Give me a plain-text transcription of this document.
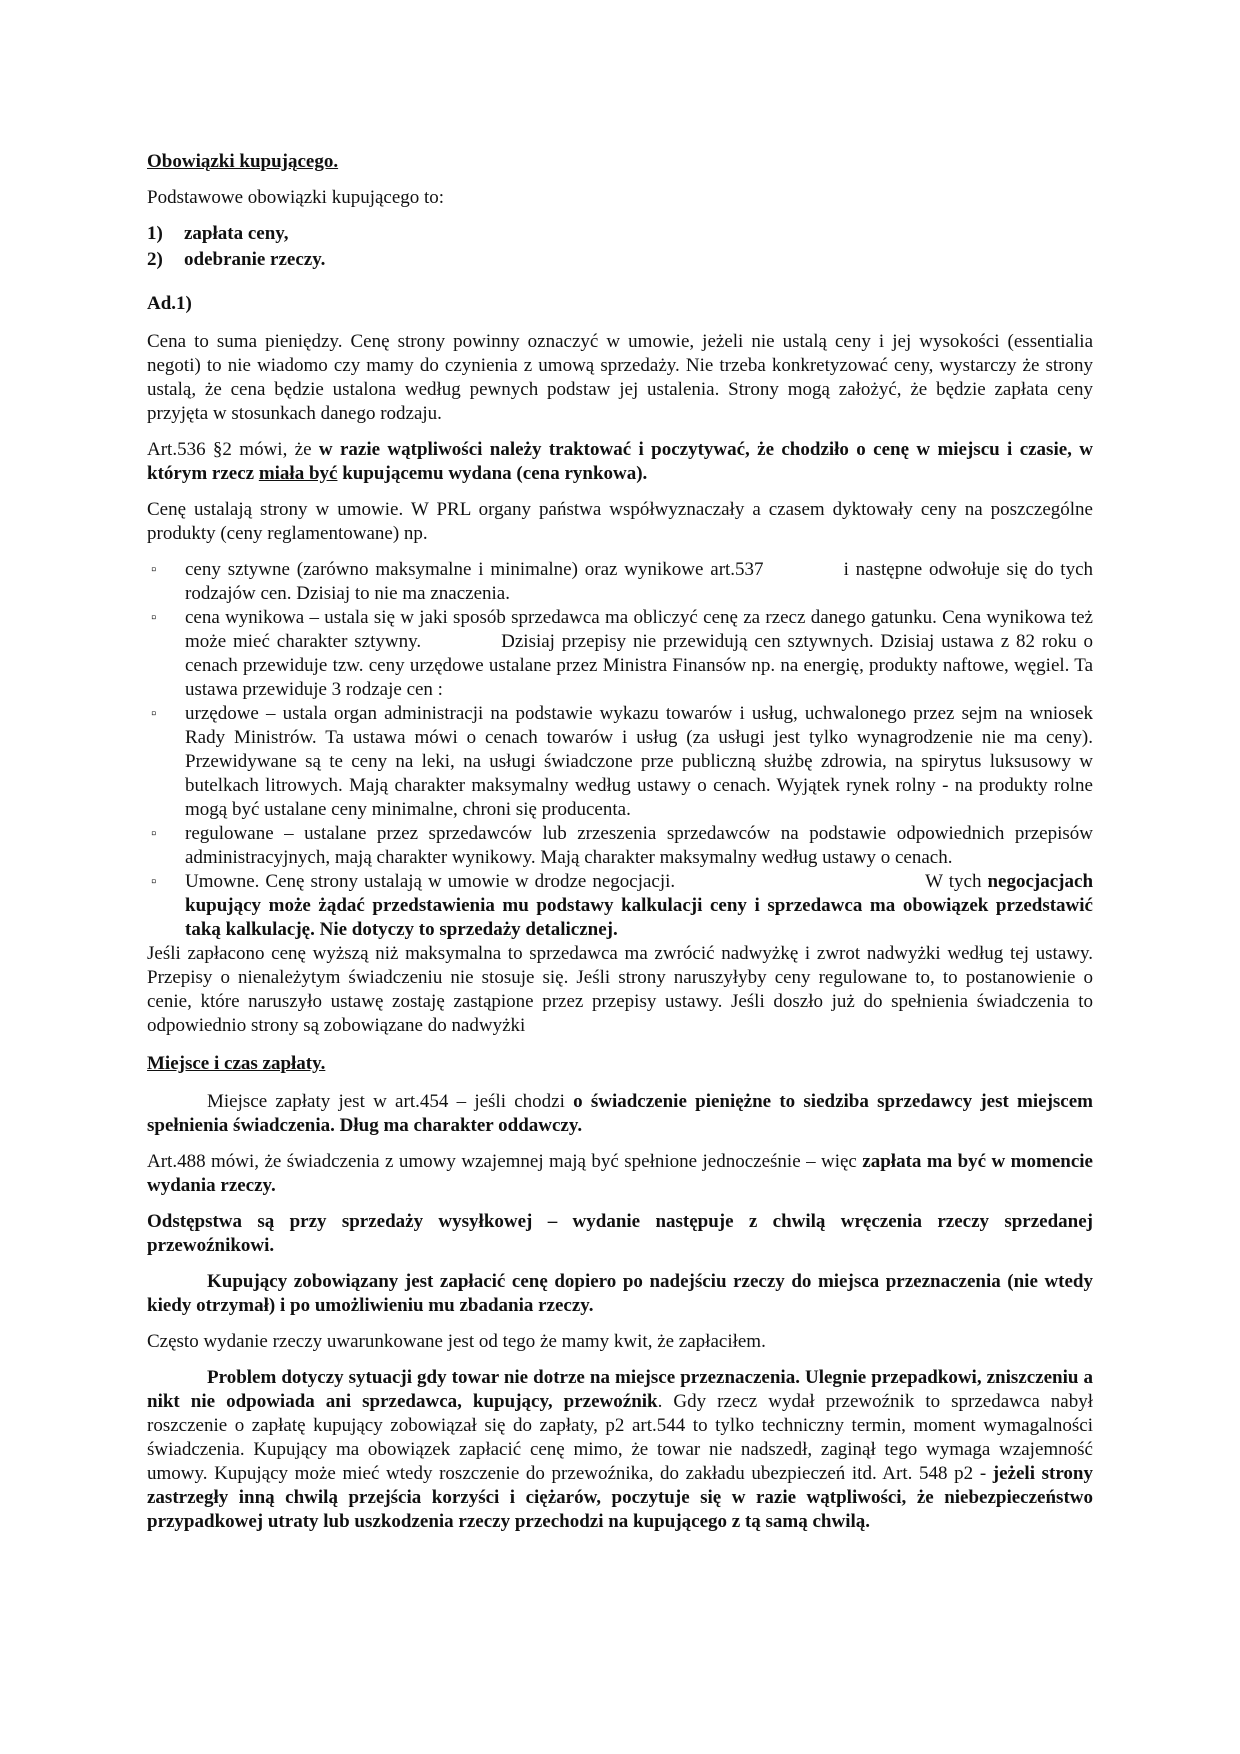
Obowiązki kupującego.

Podstawowe obowiązki kupującego to:

1)	zapłata ceny,
2)	odebranie rzeczy.
Ad.1)

Cena to suma pieniędzy. Cenę strony powinny oznaczyć w umowie, jeżeli nie ustalą ceny i jej wysokości (essentialia negoti) to nie wiadomo czy mamy do czynienia z umową sprzedaży. Nie trzeba konkretyzować ceny, wystarczy że strony ustalą, że cena będzie ustalona według pewnych podstaw jej ustalenia. Strony mogą założyć, że będzie zapłata ceny przyjęta w stosunkach danego rodzaju.

Art.536 §2 mówi, że w razie wątpliwości należy traktować i poczytywać, że chodziło o cenę w miejscu i czasie, w którym rzecz miała być kupującemu wydana (cena rynkowa).

Cenę ustalają strony w umowie. W PRL organy państwa współwyznaczały a czasem dyktowały ceny na poszczególne produkty (ceny reglamentowane) np.

▫ ceny sztywne (zarówno maksymalne i minimalne) oraz wynikowe art.537	i następne odwołuje się do tych rodzajów cen. Dzisiaj to nie ma znaczenia.
▫ cena wynikowa – ustala się w jaki sposób sprzedawca ma obliczyć cenę za rzecz danego gatunku. Cena wynikowa też może mieć charakter sztywny.	Dzisiaj przepisy nie przewidują cen sztywnych. Dzisiaj ustawa z 82 roku o cenach przewiduje tzw. ceny urzędowe ustalane przez Ministra Finansów np. na energię, produkty naftowe, węgiel. Ta ustawa przewiduje 3 rodzaje cen :
▫ urzędowe – ustala organ administracji na podstawie wykazu towarów i usług, uchwalonego przez sejm na wniosek Rady Ministrów. Ta ustawa mówi o cenach towarów i usług (za usługi jest tylko wynagrodzenie nie ma ceny). Przewidywane są te ceny na leki, na usługi świadczone prze publiczną służbę zdrowia, na spirytus luksusowy w butelkach litrowych. Mają charakter maksymalny według ustawy o cenach. Wyjątek rynek rolny - na produkty rolne mogą być ustalane ceny minimalne, chroni się producenta.
▫ regulowane – ustalane przez sprzedawców lub zrzeszenia sprzedawców na podstawie odpowiednich przepisów administracyjnych, mają charakter wynikowy. Mają charakter maksymalny według ustawy o cenach.
▫ Umowne. Cenę strony ustalają w umowie w drodze negocjacji.	W tych negocjacjach kupujący może żądać przedstawienia mu podstawy kalkulacji ceny i sprzedawca ma obowiązek przedstawić taką kalkulację. Nie dotyczy to sprzedaży detalicznej.

Jeśli zapłacono cenę wyższą niż maksymalna to sprzedawca ma zwrócić nadwyżkę i zwrot nadwyżki według tej ustawy. Przepisy o nienależytym świadczeniu nie stosuje się. Jeśli strony naruszyłyby ceny regulowane to, to postanowienie o cenie, które naruszyło ustawę zostaję zastąpione przez przepisy ustawy. Jeśli doszło już do spełnienia świadczenia to odpowiednio strony są zobowiązane do nadwyżki

Miejsce i czas zapłaty.

Miejsce zapłaty jest w art.454 – jeśli chodzi o świadczenie pieniężne to siedziba sprzedawcy jest miejscem spełnienia świadczenia. Dług ma charakter oddawczy.

Art.488 mówi, że świadczenia z umowy wzajemnej mają być spełnione jednocześnie – więc zapłata ma być w momencie wydania rzeczy.

Odstępstwa są przy sprzedaży wysyłkowej – wydanie następuje z chwilą wręczenia rzeczy sprzedanej przewoźnikowi.

Kupujący zobowiązany jest zapłacić cenę dopiero po nadejściu rzeczy do miejsca przeznaczenia (nie wtedy kiedy otrzymał) i po umożliwieniu mu zbadania rzeczy.

Często wydanie rzeczy uwarunkowane jest od tego że mamy kwit, że zapłaciłem.

Problem dotyczy sytuacji gdy towar nie dotrze na miejsce przeznaczenia. Ulegnie przepadkowi, zniszczeniu a nikt nie odpowiada ani sprzedawca, kupujący, przewoźnik. Gdy rzecz wydał przewoźnik to sprzedawca nabył roszczenie o zapłatę kupujący zobowiązał się do zapłaty, p2 art.544 to tylko techniczny termin, moment wymagalności świadczenia. Kupujący ma obowiązek zapłacić cenę mimo, że towar nie nadszedł, zaginął tego wymaga wzajemność umowy. Kupujący może mieć wtedy roszczenie do przewoźnika, do zakładu ubezpieczeń itd. Art. 548 p2 - jeżeli strony zastrzegły inną chwilą przejścia korzyści i ciężarów, poczytuje się w razie wątpliwości, że niebezpieczeństwo przypadkowej utraty lub uszkodzenia rzeczy przechodzi na kupującego z tą samą chwilą.
